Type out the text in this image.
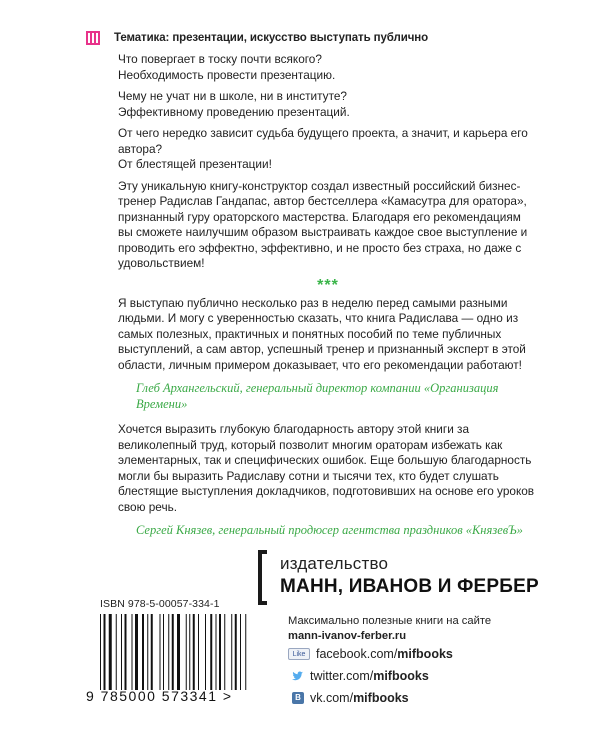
Тематика: презентации, искусство выступать публично

Что повергает в тоску почти всякого?

Необходимость провести презентацию.

Чему не учат ни в школе, ни в институте?

Эффективному проведению презентаций.

От чего нередко зависит судьба будущего проекта, а значит, и карьера его автора?

От блестящей презентации!

Эту уникальную книгу-конструктор создал известный российский бизнес-тренер Радислав Гандапас, автор бестселлера «Камасутра для оратора», признанный гуру ораторского мастерства. Благодаря его рекомендациям вы сможете наилучшим образом выстраивать каждое свое выступление и проводить его эффектно, эффективно, и не просто без страха, но даже с удовольствием!

***

Я выступаю публично несколько раз в неделю перед самыми разными людьми. И могу с уверенностью сказать, что книга Радислава — одно из самых полезных, практичных и понятных пособий по теме публичных выступлений, а сам автор, успешный тренер и признанный эксперт в этой области, личным примером доказывает, что его рекомендации работают!

Глеб Архангельский, генеральный директор компании «Организация Времени»

Хочется выразить глубокую благодарность автору этой книги за великолепный труд, который позволит многим ораторам избежать как элементарных, так и специфических ошибок. Еще большую благодарность могли бы выразить Радиславу сотни и тысячи тех, кто будет слушать блестящие выступления докладчиков, подготовивших на основе его уроков свою речь.

Сергей Князев, генеральный продюсер агентства праздников «КнязевЪ»
издательство
МАНН, ИВАНОВ И ФЕРБЕР
Максимально полезные книги на сайте
mann-ivanov-ferber.ru
Like facebook.com/mifbooks
twitter.com/mifbooks
В vk.com/mifbooks
ISBN 978-5-00057-334-1
9 785000 573341 >
